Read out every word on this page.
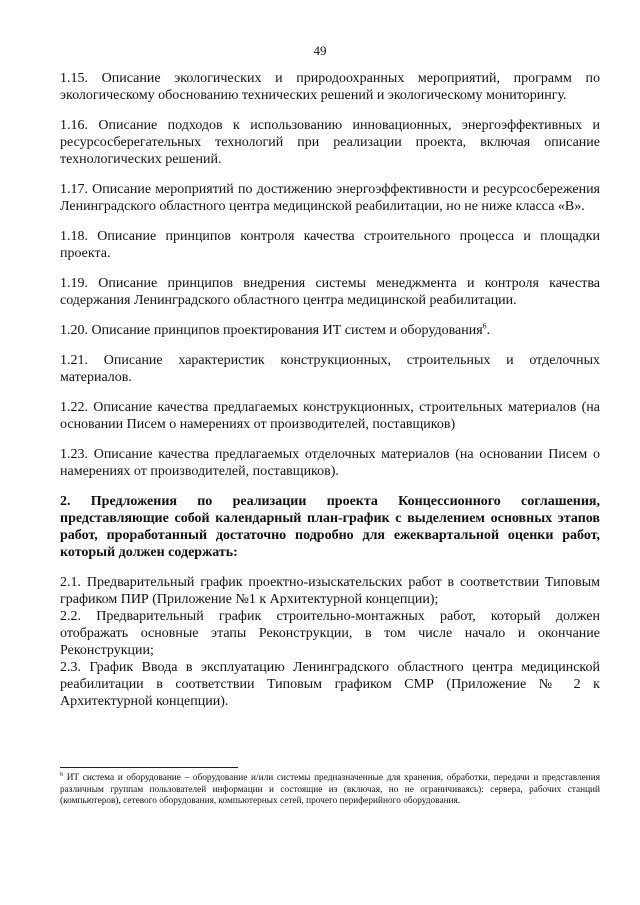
49

1.15. Описание экологических и природоохранных мероприятий, программ по экологическому обоснованию технических решений и экологическому мониторингу.

1.16. Описание подходов к использованию инновационных, энергоэффективных и ресурсосберегательных технологий при реализации проекта, включая описание технологических решений.

1.17. Описание мероприятий по достижению энергоэффективности и ресурсосбережения Ленинградского областного центра медицинской реабилитации, но не ниже класса «В».

1.18. Описание принципов контроля качества строительного процесса и площадки проекта.

1.19. Описание принципов внедрения системы менеджмента и контроля качества содержания Ленинградского областного центра медицинской реабилитации.

1.20. Описание принципов проектирования ИТ систем и оборудования$^6$.

1.21. Описание характеристик конструкционных, строительных и отделочных материалов.

1.22. Описание качества предлагаемых конструкционных, строительных материалов (на основании Писем о намерениях от производителей, поставщиков)

1.23. Описание качества предлагаемых отделочных материалов (на основании Писем о намерениях от производителей, поставщиков).

2. Предложения по реализации проекта Концессионного соглашения, представляющие собой календарный план-график с выделением основных этапов работ, проработанный достаточно подробно для ежеквартальной оценки работ, который должен содержать:

2.1. Предварительный график проектно-изыскательских работ в соответствии Типовым графиком ПИР (Приложение №1 к Архитектурной концепции);

2.2. Предварительный график строительно-монтажных работ, который должен отображать основные этапы Реконструкции, в том числе начало и окончание Реконструкции;

2.3. График Ввода в эксплуатацию Ленинградского областного центра медицинской реабилитации в соответствии Типовым графиком СМР (Приложение № 2 к Архитектурной концепции).

$^6$ ИТ система и оборудование – оборудование и/или системы предназначенные для хранения, обработки, передачи и представления различным группам пользователей информации и состоящие из (включая, но не ограничиваясь): сервера, рабочих станций (компьютеров), сетевого оборудования, компьютерных сетей, прочего периферийного оборудования.
